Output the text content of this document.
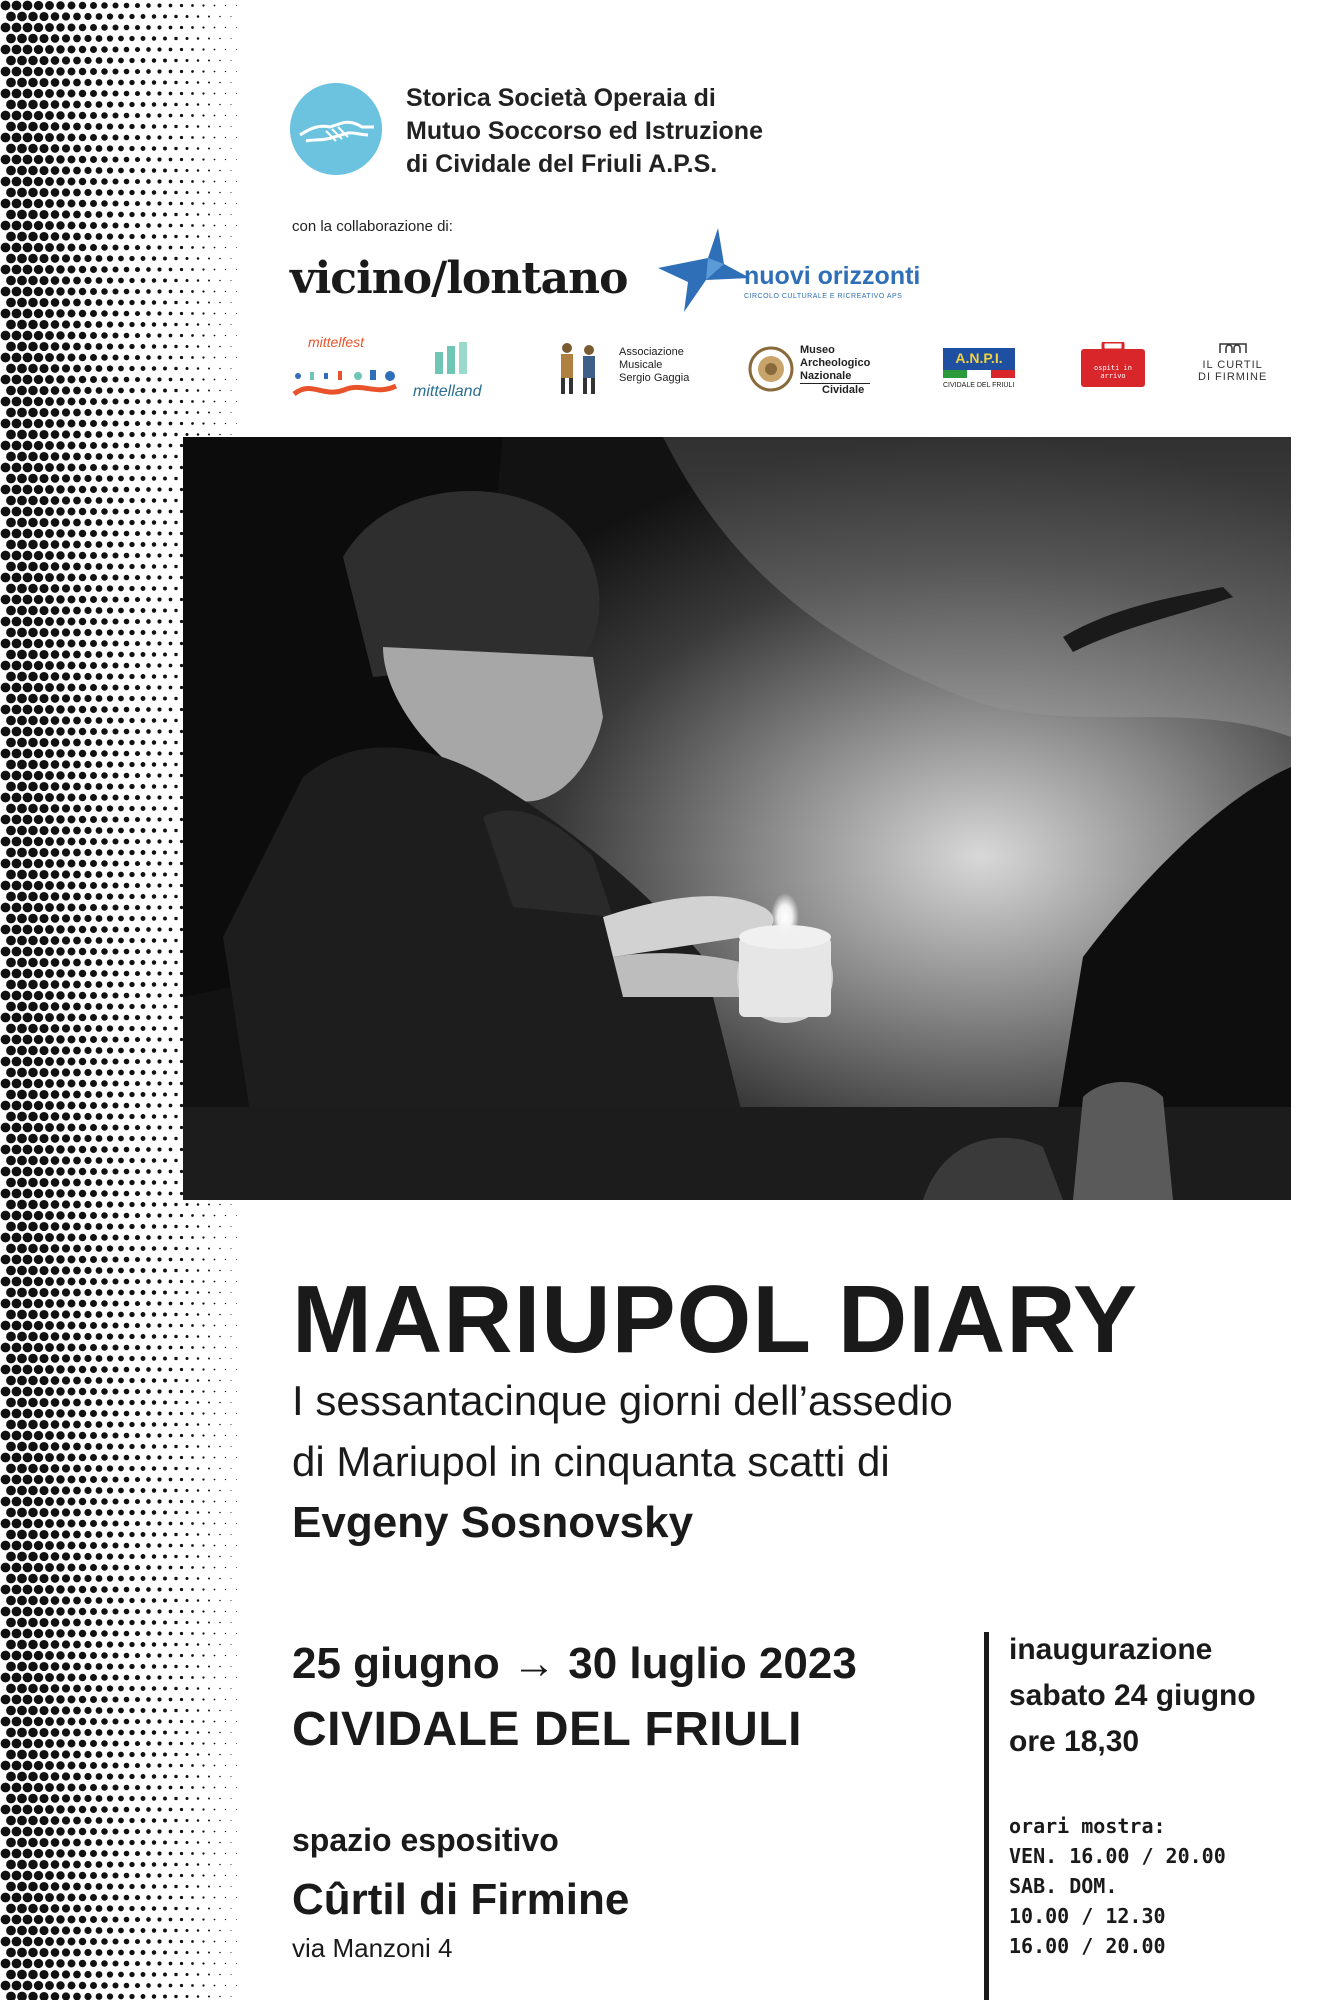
Storica Società Operaia di
Mutuo Soccorso ed Istruzione
di Cividale del Friuli A.P.S.
con la collaborazione di:
vicino/lontano	nuovi orizzonti
CIRCOLO CULTURALE E RICREATIVO APS
mittelfest
mittelland
Associazione
Musicale
Sergio Gaggia
Museo
Archeologico
Nazionale
Cividale
A.N.P.I.
CIVIDALE DEL FRIULI
ospiti in arrivo
IL CURTIL
DI FIRMINE
MARIUPOL DIARY
I sessantacinque giorni dell’assedio
di Mariupol in cinquanta scatti di
Evgeny Sosnovsky
25 giugno → 30 luglio 2023
CIVIDALE DEL FRIULI
spazio espositivo
Cûrtil di Firmine
via Manzoni 4
inaugurazione
sabato 24 giugno
ore 18,30
orari mostra:
VEN. 16.00 / 20.00
SAB. DOM.
10.00 / 12.30
16.00 / 20.00
